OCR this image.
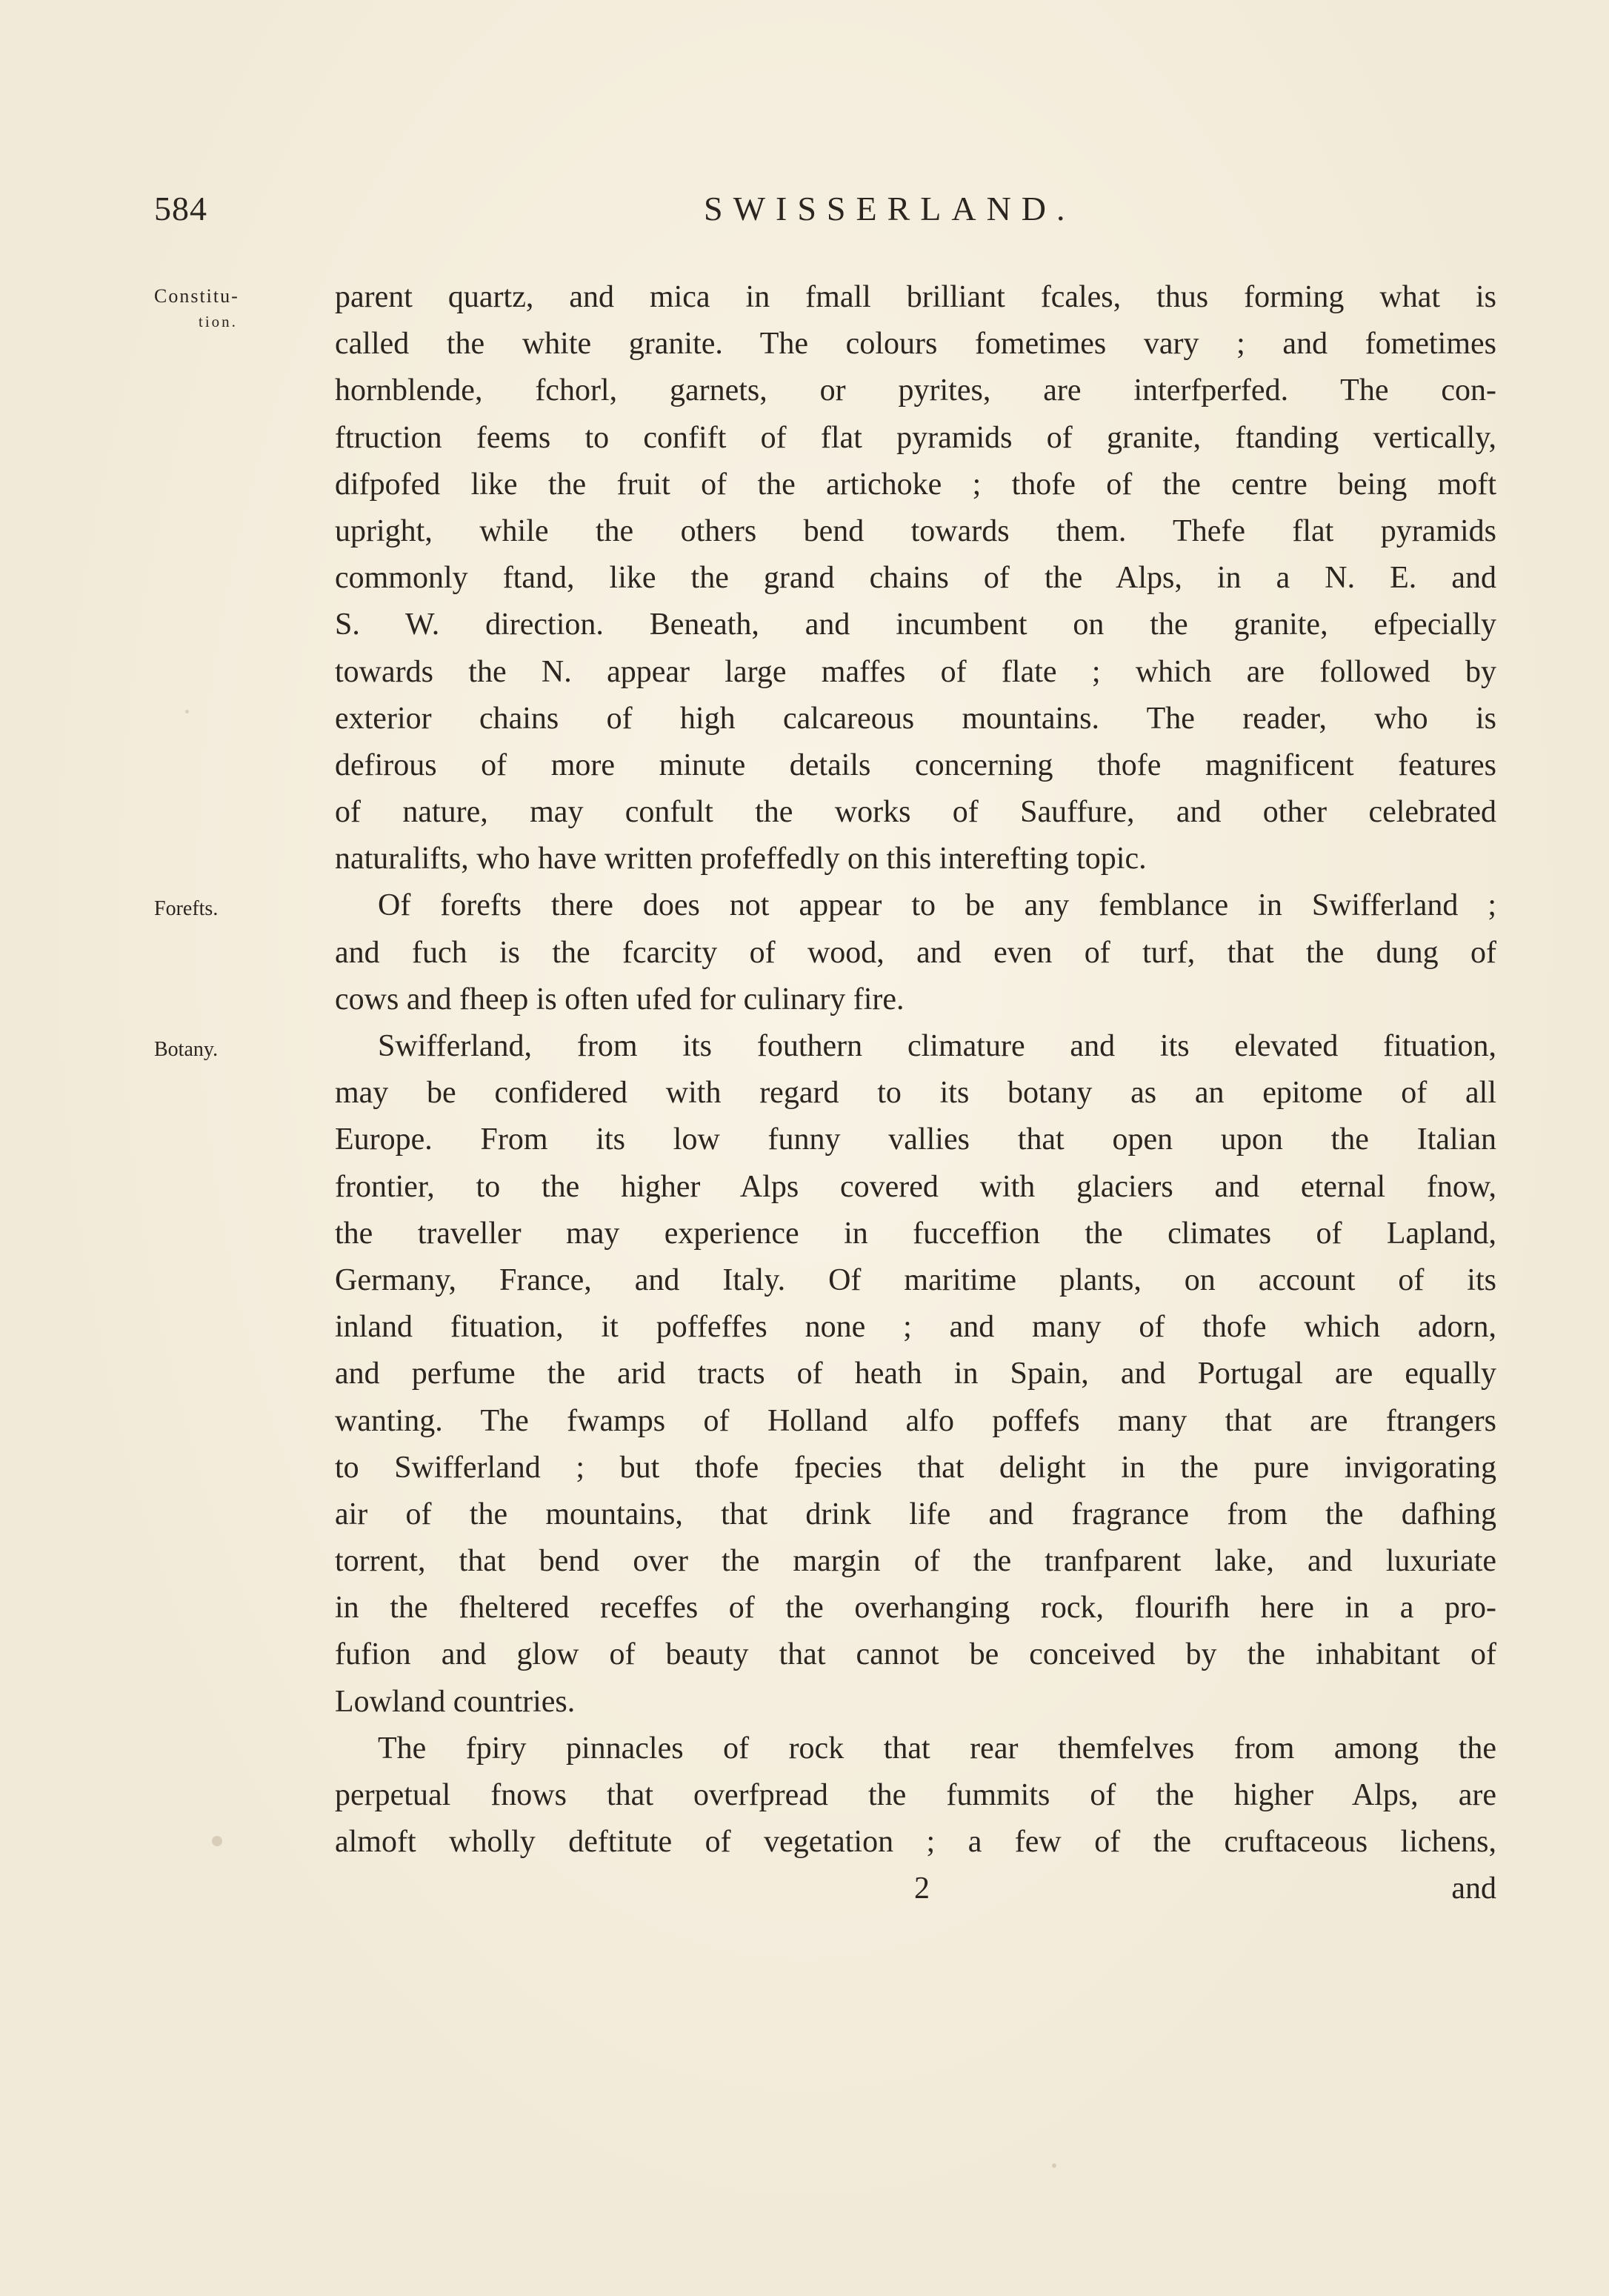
584	SWISSERLAND.
Constitu-
tion.
Forefts.
Botany.
parent quartz, and mica in fmall brilliant fcales, thus forming what is
called the white granite. The colours fometimes vary ; and fometimes
hornblende, fchorl, garnets, or pyrites, are interfperfed. The con-
ftruction feems to confift of flat pyramids of granite, ftanding vertically,
difpofed like the fruit of the artichoke ; thofe of the centre being moft
upright, while the others bend towards them. Thefe flat pyramids
commonly ftand, like the grand chains of the Alps, in a N. E. and
S. W. direction. Beneath, and incumbent on the granite, efpecially
towards the N. appear large maffes of flate ; which are followed by
exterior chains of high calcareous mountains. The reader, who is
defirous of more minute details concerning thofe magnificent features
of nature, may confult the works of Sauffure, and other celebrated
naturalifts, who have written profeffedly on this interefting topic.
Of forefts there does not appear to be any femblance in Swifferland ;
and fuch is the fcarcity of wood, and even of turf, that the dung of
cows and fheep is often ufed for culinary fire.
Swifferland, from its fouthern climature and its elevated fituation,
may be confidered with regard to its botany as an epitome of all
Europe. From its low funny vallies that open upon the Italian
frontier, to the higher Alps covered with glaciers and eternal fnow,
the traveller may experience in fucceffion the climates of Lapland,
Germany, France, and Italy. Of maritime plants, on account of its
inland fituation, it poffeffes none ; and many of thofe which adorn,
and perfume the arid tracts of heath in Spain, and Portugal are equally
wanting. The fwamps of Holland alfo poffefs many that are ftrangers
to Swifferland ; but thofe fpecies that delight in the pure invigorating
air of the mountains, that drink life and fragrance from the dafhing
torrent, that bend over the margin of the tranfparent lake, and luxuriate
in the fheltered receffes of the overhanging rock, flourifh here in a pro-
fufion and glow of beauty that cannot be conceived by the inhabitant of
Lowland countries.
The fpiry pinnacles of rock that rear themfelves from among the
perpetual fnows that overfpread the fummits of the higher Alps, are
almoft wholly deftitute of vegetation ; a few of the cruftaceous lichens,
2	and
